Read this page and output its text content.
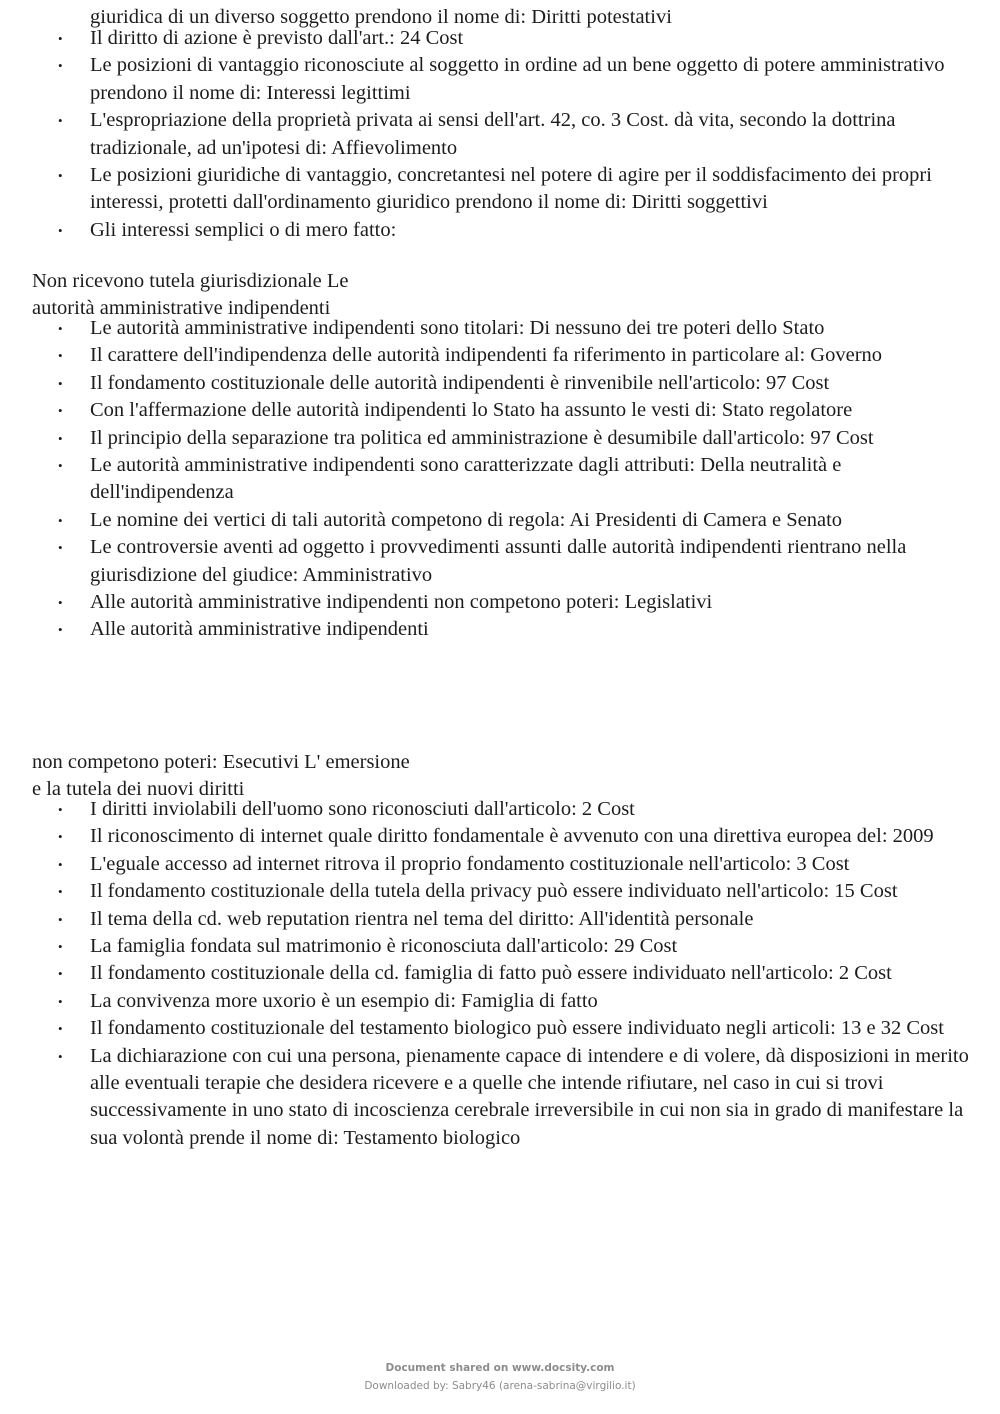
giuridica di un diverso soggetto prendono il nome di: Diritti potestativi
• Il diritto di azione è previsto dall'art.: 24 Cost
• Le posizioni di vantaggio riconosciute al soggetto in ordine ad un bene oggetto di potere amministrativo prendono il nome di: Interessi legittimi
• L'espropriazione della proprietà privata ai sensi dell'art. 42, co. 3 Cost. dà vita, secondo la dottrina tradizionale, ad un'ipotesi di: Affievolimento
• Le posizioni giuridiche di vantaggio, concretantesi nel potere di agire per il soddisfacimento dei propri interessi, protetti dall'ordinamento giuridico prendono il nome di: Diritti soggettivi
• Gli interessi semplici o di mero fatto:
Non ricevono tutela giurisdizionale Le
autorità amministrative indipendenti
• Le autorità amministrative indipendenti sono titolari: Di nessuno dei tre poteri dello Stato
• Il carattere dell'indipendenza delle autorità indipendenti fa riferimento in particolare al: Governo
• Il fondamento costituzionale delle autorità indipendenti è rinvenibile nell'articolo: 97 Cost
• Con l'affermazione delle autorità indipendenti lo Stato ha assunto le vesti di: Stato regolatore
• Il principio della separazione tra politica ed amministrazione è desumibile dall'articolo: 97 Cost
• Le autorità amministrative indipendenti sono caratterizzate dagli attributi: Della neutralità e dell'indipendenza
• Le nomine dei vertici di tali autorità competono di regola: Ai Presidenti di Camera e Senato
• Le controversie aventi ad oggetto i provvedimenti assunti dalle autorità indipendenti rientrano nella giurisdizione del giudice: Amministrativo
• Alle autorità amministrative indipendenti non competono poteri: Legislativi
• Alle autorità amministrative indipendenti
non competono poteri: Esecutivi L' emersione
e la tutela dei nuovi diritti
• I diritti inviolabili dell'uomo sono riconosciuti dall'articolo: 2 Cost
• Il riconoscimento di internet quale diritto fondamentale è avvenuto con una direttiva europea del: 2009
• L'eguale accesso ad internet ritrova il proprio fondamento costituzionale nell'articolo: 3 Cost
• Il fondamento costituzionale della tutela della privacy può essere individuato nell'articolo: 15 Cost
• Il tema della cd. web reputation rientra nel tema del diritto: All'identità personale
• La famiglia fondata sul matrimonio è riconosciuta dall'articolo: 29 Cost
• Il fondamento costituzionale della cd. famiglia di fatto può essere individuato nell'articolo: 2 Cost
• La convivenza more uxorio è un esempio di: Famiglia di fatto
• Il fondamento costituzionale del testamento biologico può essere individuato negli articoli: 13 e 32 Cost
• La dichiarazione con cui una persona, pienamente capace di intendere e di volere, dà disposizioni in merito alle eventuali terapie che desidera ricevere e a quelle che intende rifiutare, nel caso in cui si trovi successivamente in uno stato di incoscienza cerebrale irreversibile in cui non sia in grado di manifestare la sua volontà prende il nome di: Testamento biologico
Document shared on www.docsity.com
Downloaded by: Sabry46 (arena-sabrina@virgilio.it)
